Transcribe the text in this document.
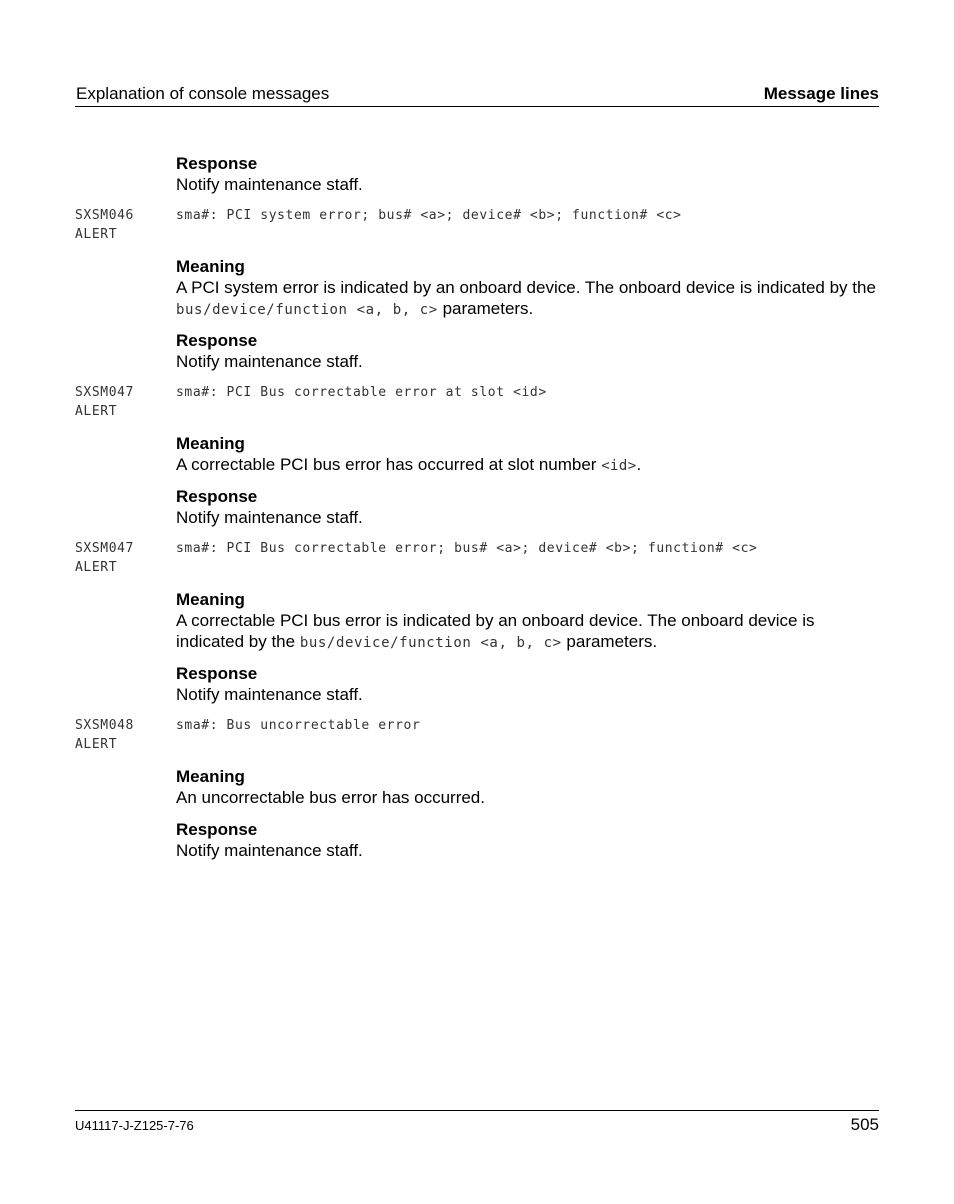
Explanation of console messages	Message lines
Response
Notify maintenance staff.
SXSM046
ALERT
sma#: PCI system error; bus# <a>; device# <b>; function# <c>
Meaning
A PCI system error is indicated by an onboard device. The onboard device is indicated by the bus/device/function <a, b, c> parameters.
Response
Notify maintenance staff.
SXSM047
ALERT
sma#: PCI Bus correctable error at slot <id>
Meaning
A correctable PCI bus error has occurred at slot number <id>.
Response
Notify maintenance staff.
SXSM047
ALERT
sma#: PCI Bus correctable error; bus# <a>; device# <b>; function# <c>
Meaning
A correctable PCI bus error is indicated by an onboard device. The onboard device is indicated by the bus/device/function <a, b, c> parameters.
Response
Notify maintenance staff.
SXSM048
ALERT
sma#: Bus uncorrectable error
Meaning
An uncorrectable bus error has occurred.
Response
Notify maintenance staff.
U41117-J-Z125-7-76	505
